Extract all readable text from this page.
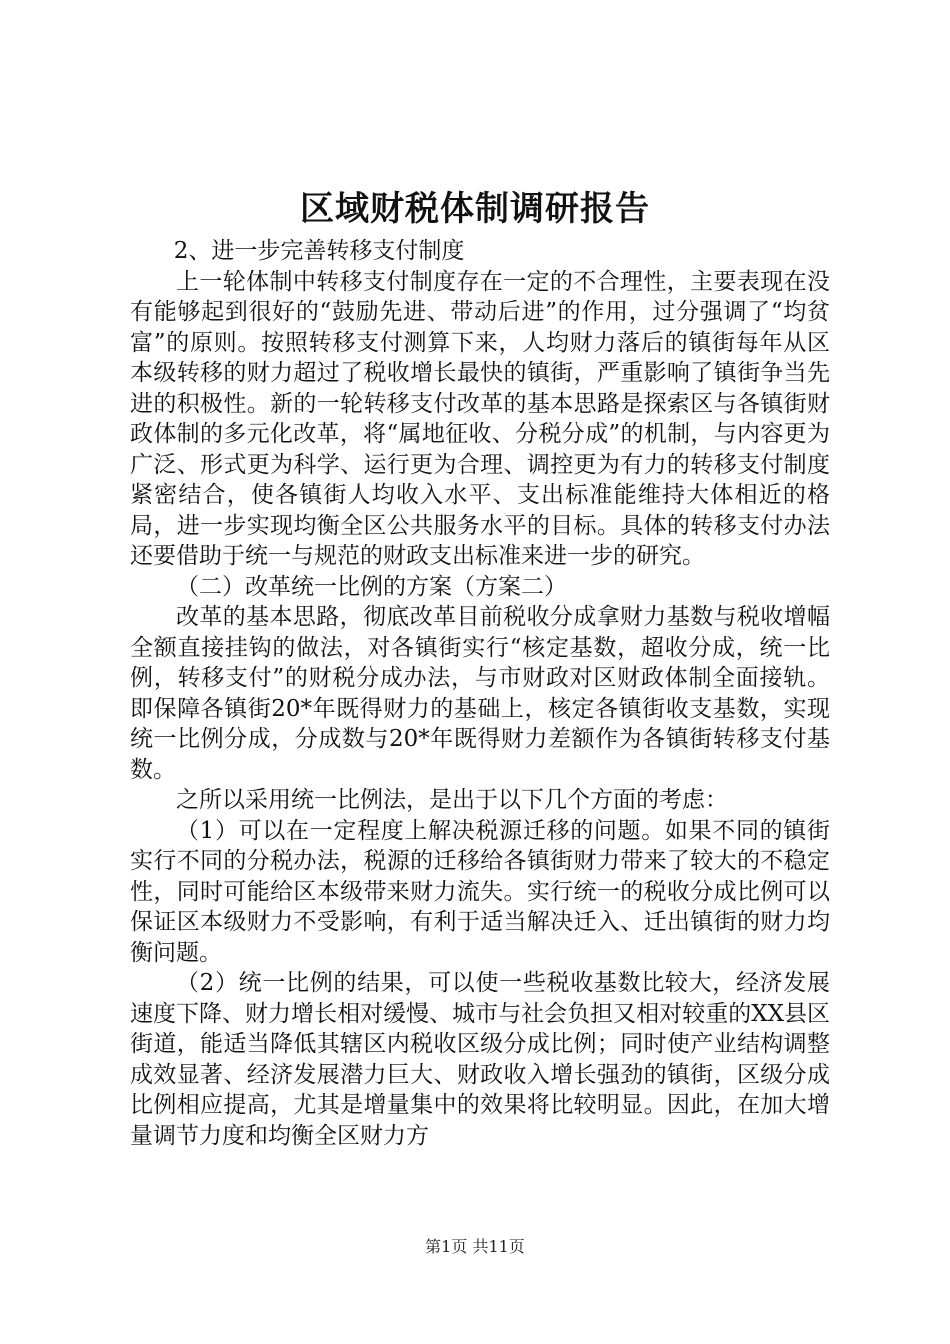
区域财税体制调研报告

2、进一步完善转移支付制度

上一轮体制中转移支付制度存在一定的不合理性，主要表现在没有能够起到很好的“鼓励先进、带动后进”的作用，过分强调了“均贫富”的原则。按照转移支付测算下来，人均财力落后的镇街每年从区本级转移的财力超过了税收增长最快的镇街，严重影响了镇街争当先进的积极性。新的一轮转移支付改革的基本思路是探索区与各镇街财政体制的多元化改革，将“属地征收、分税分成”的机制，与内容更为广泛、形式更为科学、运行更为合理、调控更为有力的转移支付制度紧密结合，使各镇街人均收入水平、支出标准能维持大体相近的格局，进一步实现均衡全区公共服务水平的目标。具体的转移支付办法还要借助于统一与规范的财政支出标准来进一步的研究。

（二）改革统一比例的方案（方案二）

改革的基本思路，彻底改革目前税收分成拿财力基数与税收增幅全额直接挂钩的做法，对各镇街实行“核定基数，超收分成，统一比例，转移支付”的财税分成办法，与市财政对区财政体制全面接轨。即保障各镇街20*年既得财力的基础上，核定各镇街收支基数，实现统一比例分成，分成数与20*年既得财力差额作为各镇街转移支付基数。

之所以采用统一比例法，是出于以下几个方面的考虑：

（1）可以在一定程度上解决税源迁移的问题。如果不同的镇街实行不同的分税办法，税源的迁移给各镇街财力带来了较大的不稳定性，同时可能给区本级带来财力流失。实行统一的税收分成比例可以保证区本级财力不受影响，有利于适当解决迁入、迁出镇街的财力均衡问题。

（2）统一比例的结果，可以使一些税收基数比较大，经济发展速度下降、财力增长相对缓慢、城市与社会负担又相对较重的XX县区街道，能适当降低其辖区内税收区级分成比例；同时使产业结构调整成效显著、经济发展潜力巨大、财政收入增长强劲的镇街，区级分成比例相应提高，尤其是增量集中的效果将比较明显。因此，在加大增量调节力度和均衡全区财力方

第1页 共11页
